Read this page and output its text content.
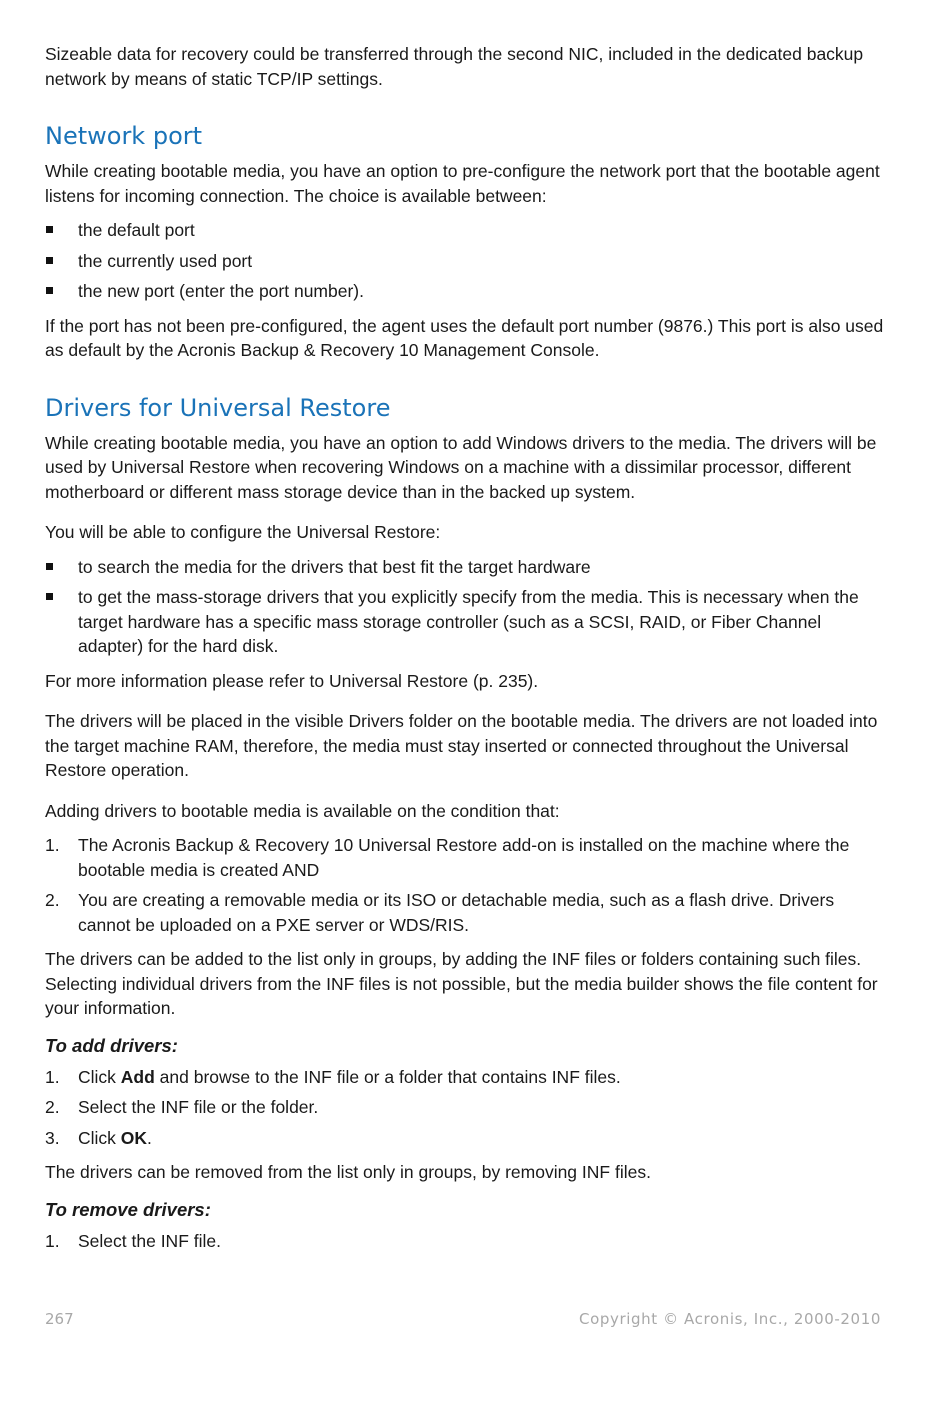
Sizeable data for recovery could be transferred through the second NIC, included in the dedicated backup network by means of static TCP/IP settings.

Network port

While creating bootable media, you have an option to pre-configure the network port that the bootable agent listens for incoming connection. The choice is available between:

the default port
the currently used port
the new port (enter the port number).

If the port has not been pre-configured, the agent uses the default port number (9876.) This port is also used as default by the Acronis Backup & Recovery 10 Management Console.

Drivers for Universal Restore

While creating bootable media, you have an option to add Windows drivers to the media. The drivers will be used by Universal Restore when recovering Windows on a machine with a dissimilar processor, different motherboard or different mass storage device than in the backed up system.

You will be able to configure the Universal Restore:

to search the media for the drivers that best fit the target hardware
to get the mass-storage drivers that you explicitly specify from the media. This is necessary when the target hardware has a specific mass storage controller (such as a SCSI, RAID, or Fiber Channel adapter) for the hard disk.

For more information please refer to Universal Restore (p. 235).

The drivers will be placed in the visible Drivers folder on the bootable media. The drivers are not loaded into the target machine RAM, therefore, the media must stay inserted or connected throughout the Universal Restore operation.

Adding drivers to bootable media is available on the condition that:

1. The Acronis Backup & Recovery 10 Universal Restore add-on is installed on the machine where the bootable media is created AND
2. You are creating a removable media or its ISO or detachable media, such as a flash drive. Drivers cannot be uploaded on a PXE server or WDS/RIS.

The drivers can be added to the list only in groups, by adding the INF files or folders containing such files. Selecting individual drivers from the INF files is not possible, but the media builder shows the file content for your information.

To add drivers:
1. Click Add and browse to the INF file or a folder that contains INF files.
2. Select the INF file or the folder.
3. Click OK.

The drivers can be removed from the list only in groups, by removing INF files.

To remove drivers:
1. Select the INF file.
267	Copyright © Acronis, Inc., 2000-2010
